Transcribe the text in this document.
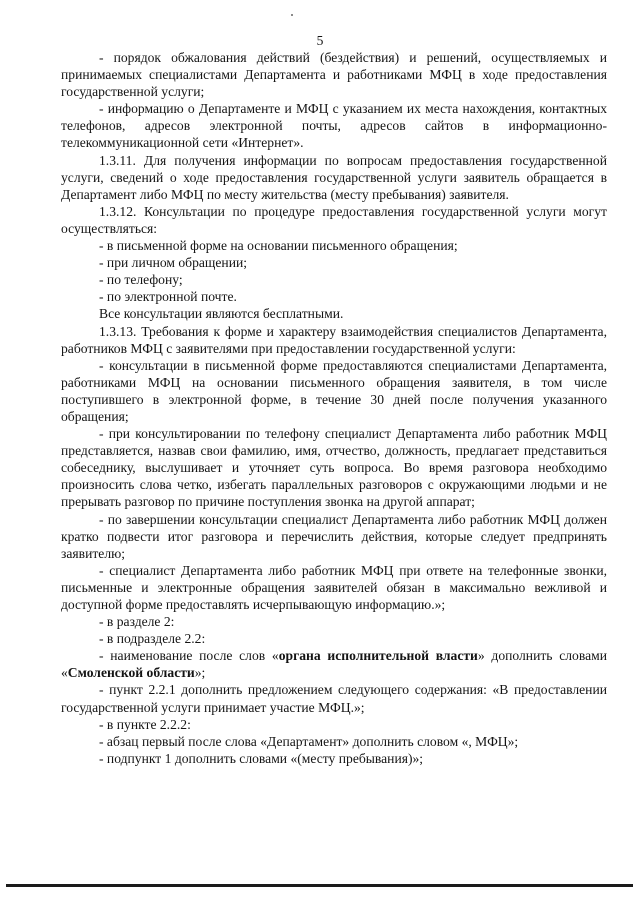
5

- порядок обжалования действий (бездействия) и решений, осуществляемых и принимаемых специалистами Департамента и работниками МФЦ в ходе предоставления государственной услуги;

- информацию о Департаменте и МФЦ с указанием их места нахождения, контактных телефонов, адресов электронной почты, адресов сайтов в информационно-телекоммуникационной сети «Интернет».

1.3.11. Для получения информации по вопросам предоставления государственной услуги, сведений о ходе предоставления государственной услуги заявитель обращается в Департамент либо МФЦ по месту жительства (месту пребывания) заявителя.

1.3.12. Консультации по процедуре предоставления государственной услуги могут осуществляться:

- в письменной форме на основании письменного обращения;

- при личном обращении;

- по телефону;

- по электронной почте.

Все консультации являются бесплатными.

1.3.13. Требования к форме и характеру взаимодействия специалистов Департамента, работников МФЦ с заявителями при предоставлении государственной услуги:

- консультации в письменной форме предоставляются специалистами Департамента, работниками МФЦ на основании письменного обращения заявителя, в том числе поступившего в электронной форме, в течение 30 дней после получения указанного обращения;

- при консультировании по телефону специалист Департамента либо работник МФЦ представляется, назвав свои фамилию, имя, отчество, должность, предлагает представиться собеседнику, выслушивает и уточняет суть вопроса. Во время разговора необходимо произносить слова четко, избегать параллельных разговоров с окружающими людьми и не прерывать разговор по причине поступления звонка на другой аппарат;

- по завершении консультации специалист Департамента либо работник МФЦ должен кратко подвести итог разговора и перечислить действия, которые следует предпринять заявителю;

- специалист Департамента либо работник МФЦ при ответе на телефонные звонки, письменные и электронные обращения заявителей обязан в максимально вежливой и доступной форме предоставлять исчерпывающую информацию.»;

- в разделе 2:

- в подразделе 2.2:

- наименование после слов «органа исполнительной власти» дополнить словами «Смоленской области»;

- пункт 2.2.1 дополнить предложением следующего содержания: «В предоставлении государственной услуги принимает участие МФЦ.»;

- в пункте 2.2.2:

- абзац первый после слова «Департамент» дополнить словом «, МФЦ»;

- подпункт 1 дополнить словами «(месту пребывания)»;
